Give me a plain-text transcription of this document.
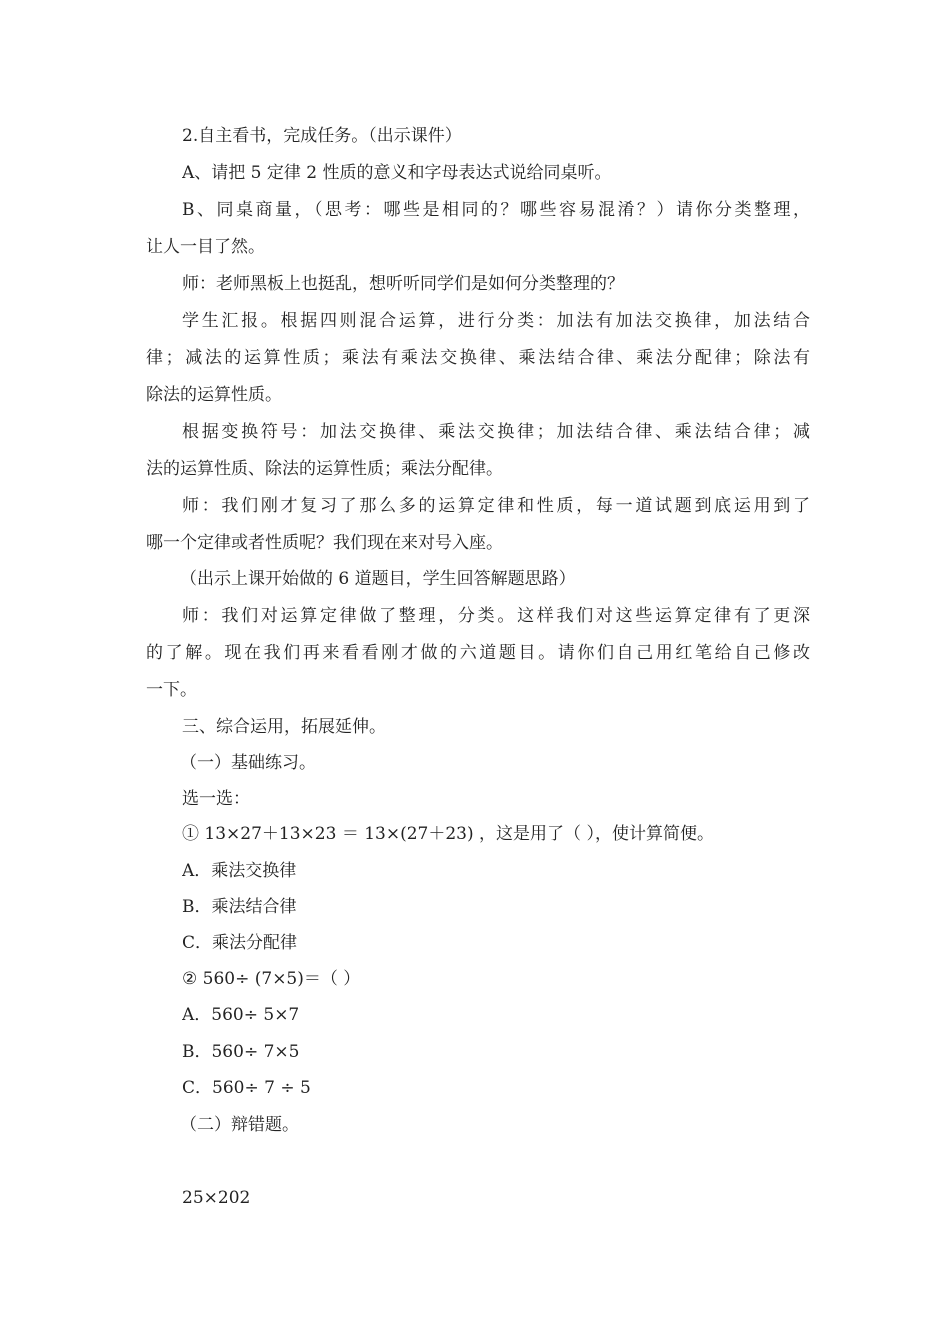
2.自主看书，完成任务。（出示课件）
A、请把 5 定律 2 性质的意义和字母表达式说给同桌听。
B、同桌商量，（思考：哪些是相同的？哪些容易混淆？）请你分类整理，
让人一目了然。
师：老师黑板上也挺乱，想听听同学们是如何分类整理的？
学生汇报。根据四则混合运算，进行分类：加法有加法交换律，加法结合
律；减法的运算性质；乘法有乘法交换律、乘法结合律、乘法分配律；除法有
除法的运算性质。
根据变换符号：加法交换律、乘法交换律；加法结合律、乘法结合律；减
法的运算性质、除法的运算性质；乘法分配律。
师：我们刚才复习了那么多的运算定律和性质，每一道试题到底运用到了
哪一个定律或者性质呢？我们现在来对号入座。
（出示上课开始做的 6 道题目，学生回答解题思路）
师：我们对运算定律做了整理，分类。这样我们对这些运算定律有了更深
的了解。现在我们再来看看刚才做的六道题目。请你们自己用红笔给自己修改
一下。
三、综合运用，拓展延伸。
（一）基础练习。
选一选：
① 13×27＋13×23 ＝ 13×(27＋23) ，这是用了（ ），使计算简便。
A．乘法交换律
B．乘法结合律
C．乘法分配律
② 560÷ (7×5)＝（ ）
A．560÷ 5×7
B．560÷ 7×5
C．560÷ 7 ÷ 5
（二）辩错题。
25×202
